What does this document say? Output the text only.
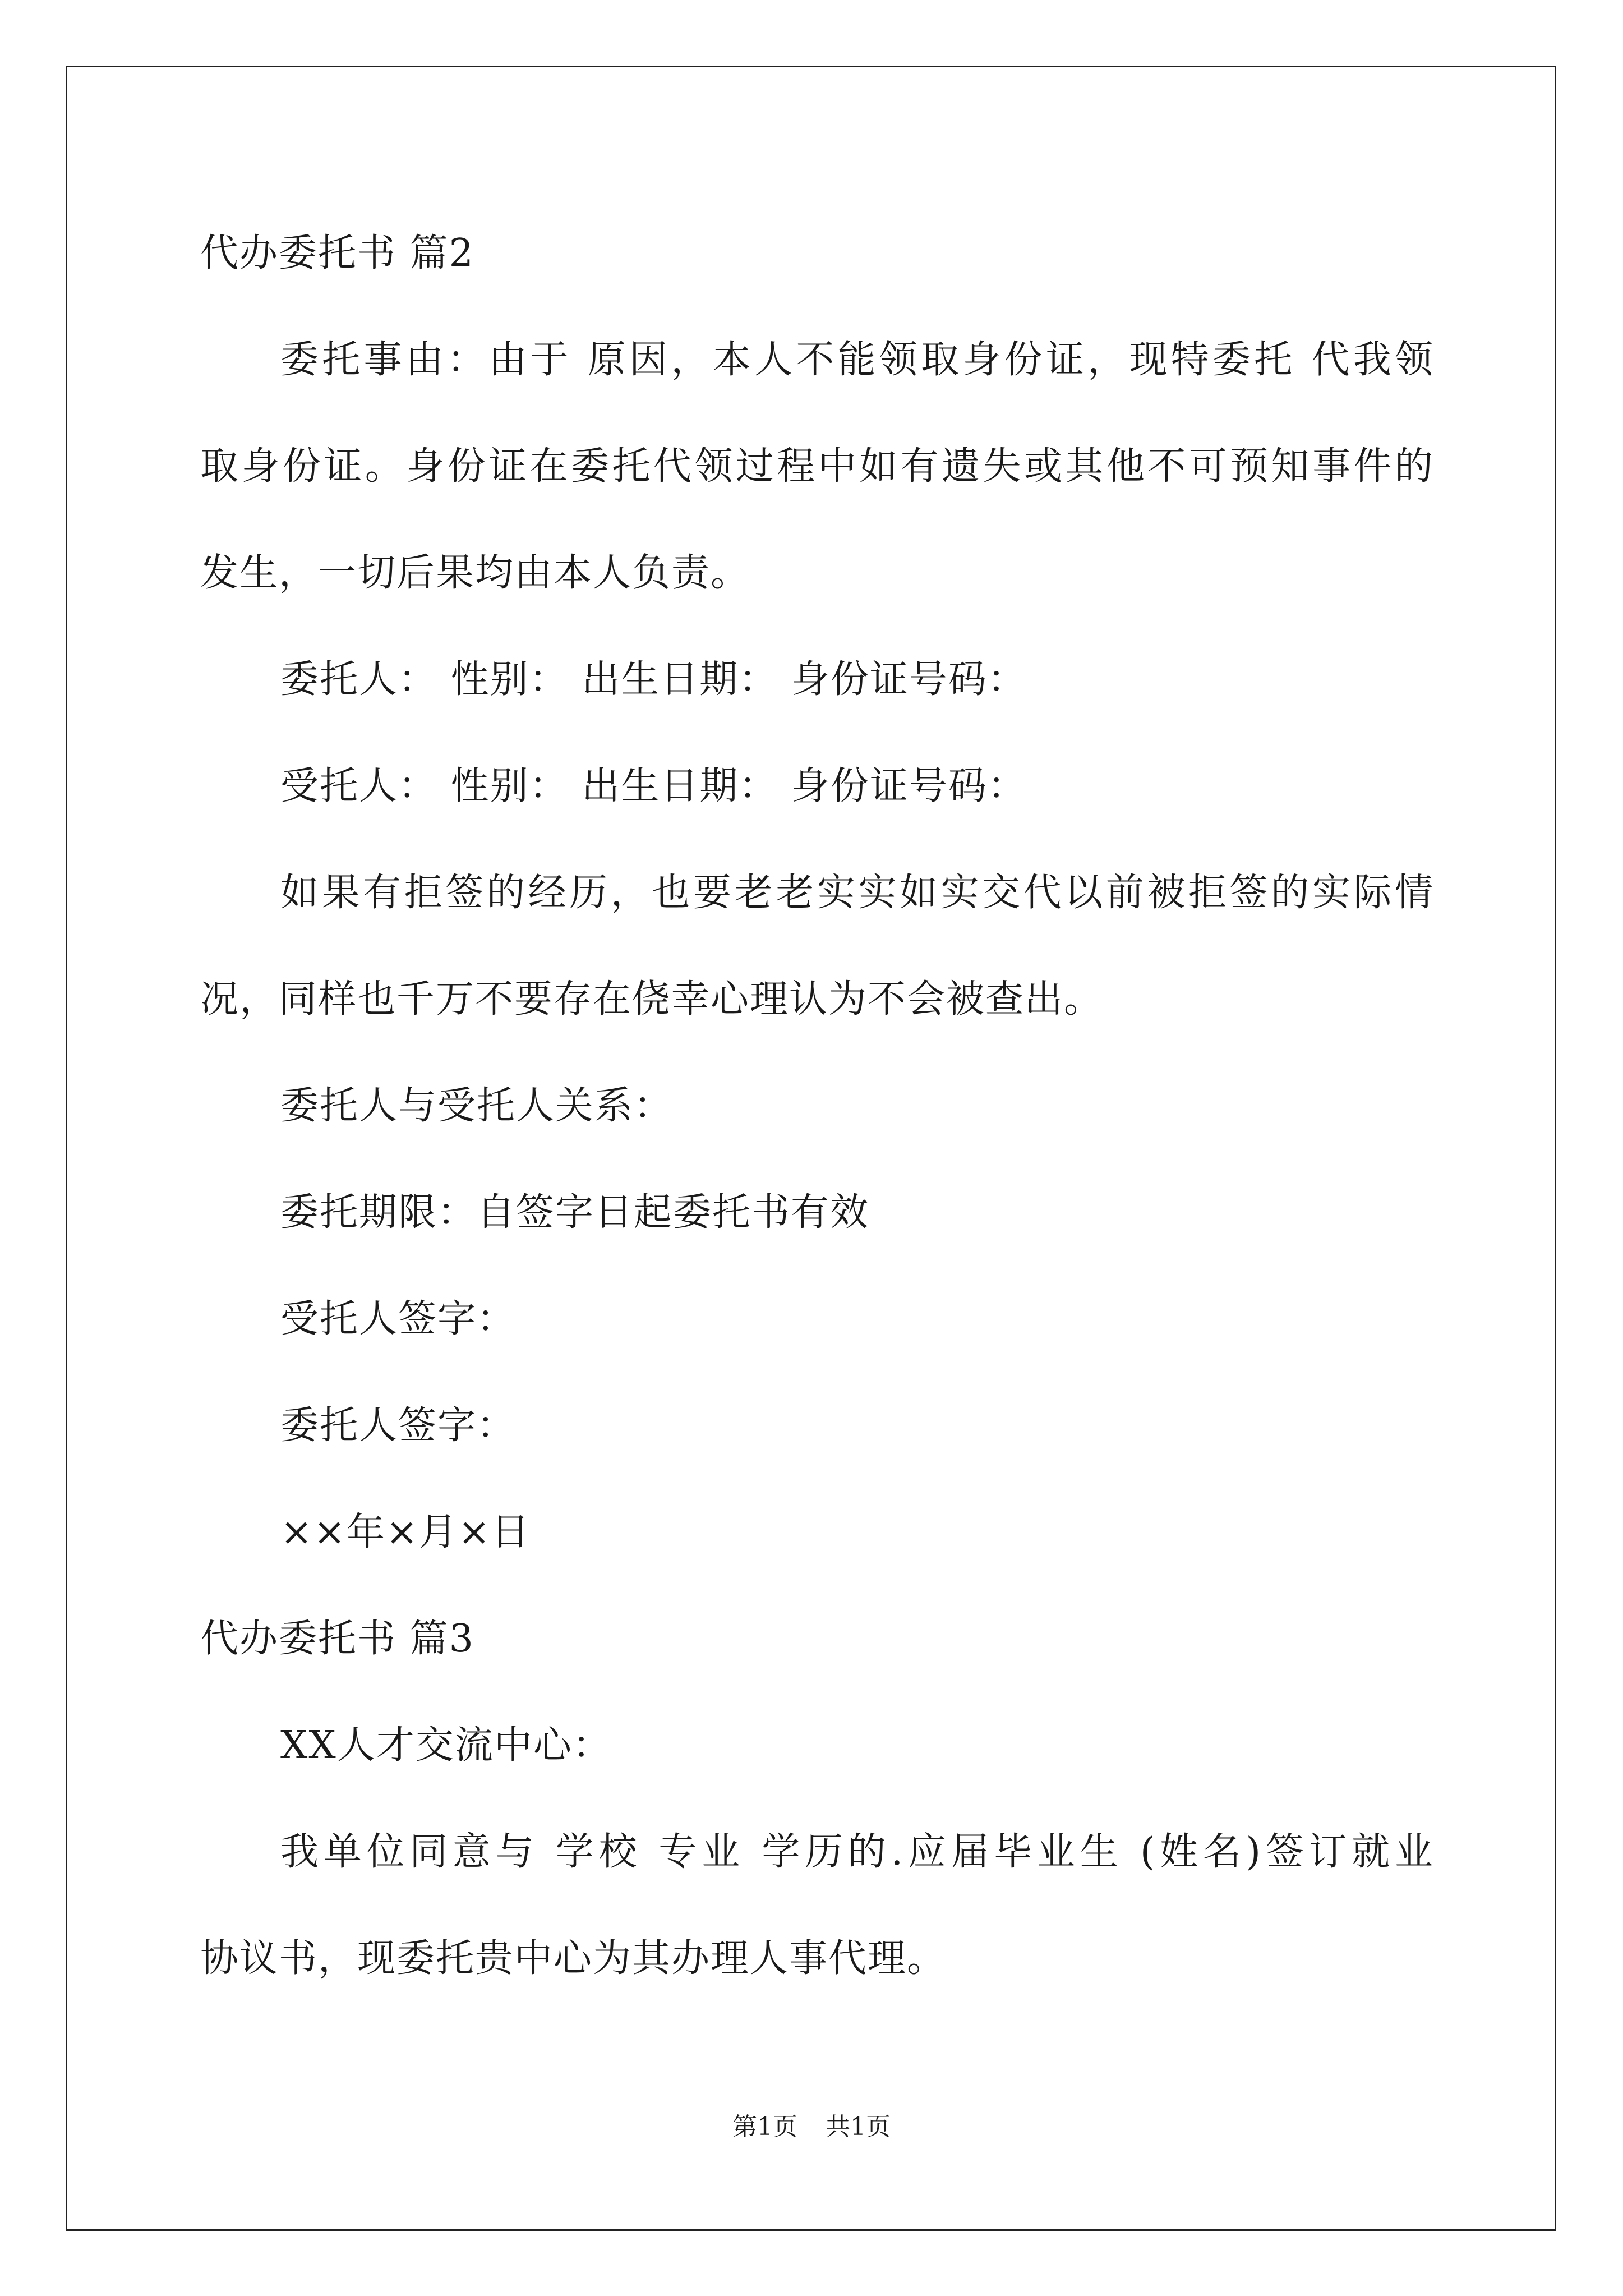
代办委托书 篇2
委托事由：由于 原因，本人不能领取身份证，现特委托 代我领
取身份证。身份证在委托代领过程中如有遗失或其他不可预知事件的
发生，一切后果均由本人负责。
委托人： 性别： 出生日期： 身份证号码：
受托人： 性别： 出生日期： 身份证号码：
如果有拒签的经历，也要老老实实如实交代以前被拒签的实际情
况，同样也千万不要存在侥幸心理认为不会被查出。
委托人与受托人关系：
委托期限：自签字日起委托书有效
受托人签字：
委托人签字：
××年×月×日
代办委托书 篇3
XX人才交流中心：
我单位同意与 学校 专业 学历的.应届毕业生 (姓名)签订就业
协议书，现委托贵中心为其办理人事代理。
第1页 共1页
